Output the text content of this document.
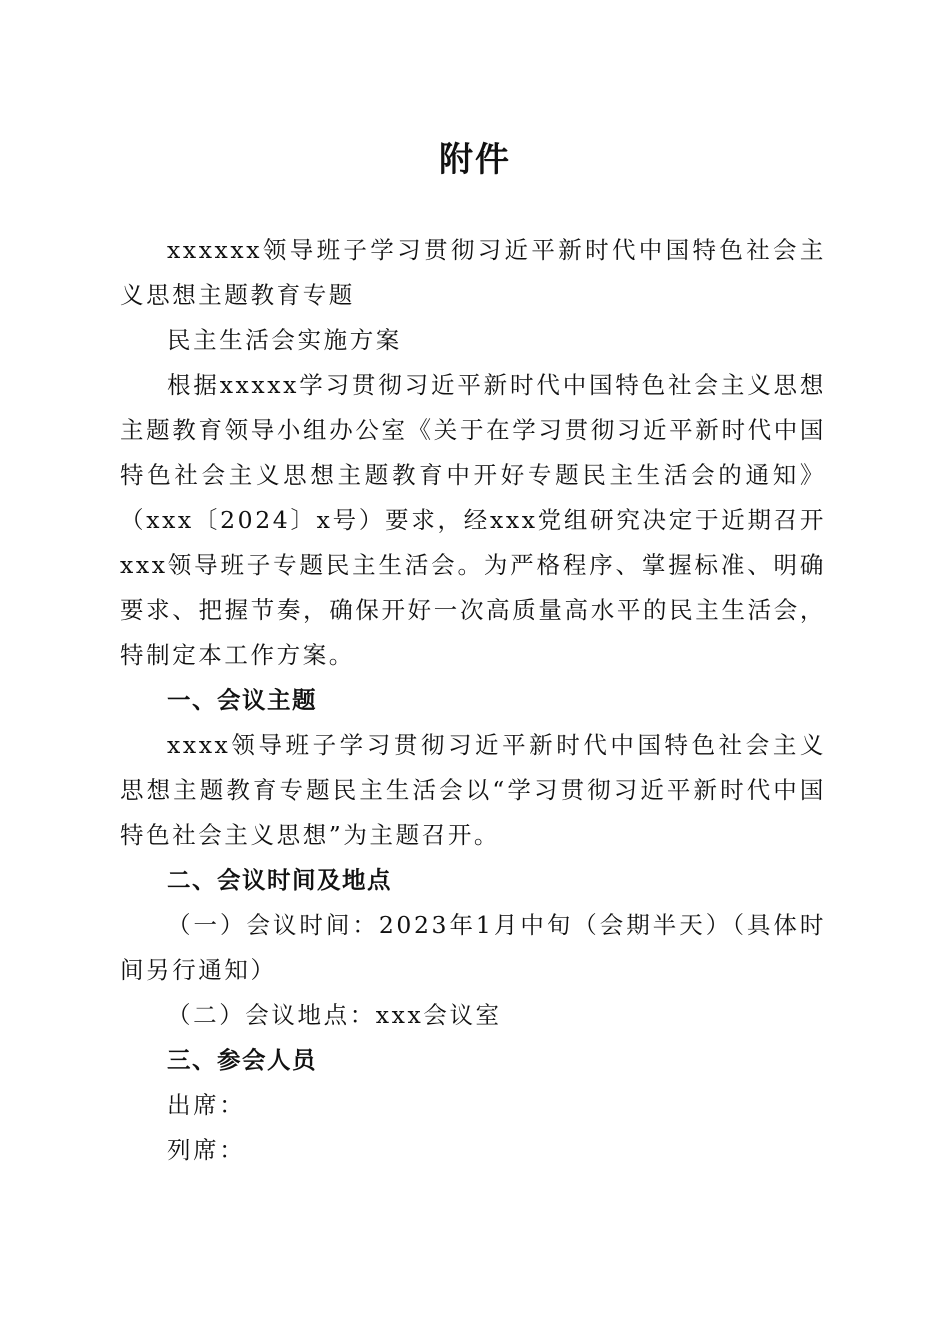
附件

xxxxxx领导班子学习贯彻习近平新时代中国特色社会主义思想主题教育专题

民主生活会实施方案

根据xxxxx学习贯彻习近平新时代中国特色社会主义思想主题教育领导小组办公室《关于在学习贯彻习近平新时代中国特色社会主义思想主题教育中开好专题民主生活会的通知》（xxx〔2024〕x号）要求，经xxx党组研究决定于近期召开xxx领导班子专题民主生活会。为严格程序、掌握标准、明确要求、把握节奏，确保开好一次高质量高水平的民主生活会，特制定本工作方案。

一、会议主题

xxxx领导班子学习贯彻习近平新时代中国特色社会主义思想主题教育专题民主生活会以“学习贯彻习近平新时代中国特色社会主义思想”为主题召开。

二、会议时间及地点

（一）会议时间：2023年1月中旬（会期半天）（具体时间另行通知）

（二）会议地点：xxx会议室

三、参会人员

出席：

列席：
